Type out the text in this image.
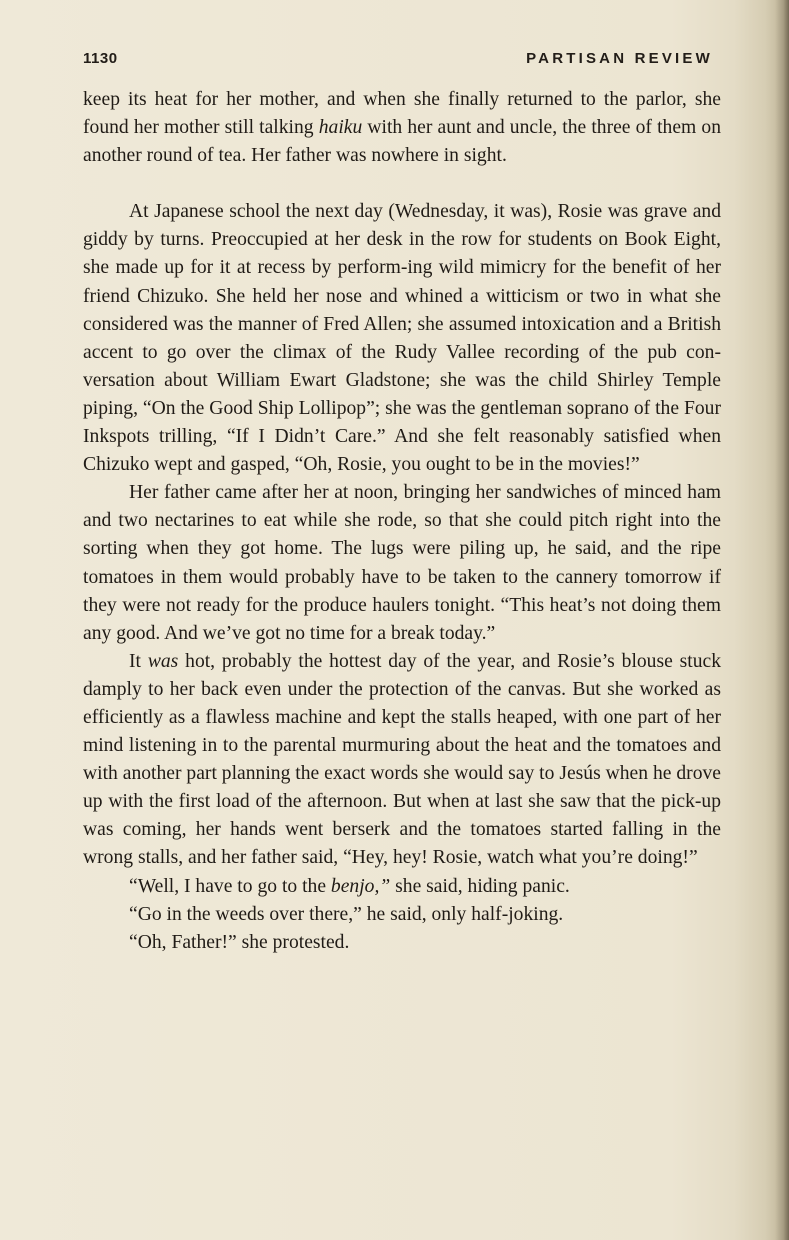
1130	PARTISAN REVIEW

keep its heat for her mother, and when she finally returned to the parlor, she found her mother still talking haiku with her aunt and uncle, the three of them on another round of tea. Her father was nowhere in sight.

At Japanese school the next day (Wednesday, it was), Rosie was grave and giddy by turns. Preoccupied at her desk in the row for students on Book Eight, she made up for it at recess by perform-ing wild mimicry for the benefit of her friend Chizuko. She held her nose and whined a witticism or two in what she considered was the manner of Fred Allen; she assumed intoxication and a British accent to go over the climax of the Rudy Vallee recording of the pub con-versation about William Ewart Gladstone; she was the child Shirley Temple piping, “On the Good Ship Lollipop”; she was the gentleman soprano of the Four Inkspots trilling, “If I Didn’t Care.” And she felt reasonably satisfied when Chizuko wept and gasped, “Oh, Rosie, you ought to be in the movies!”

Her father came after her at noon, bringing her sandwiches of minced ham and two nectarines to eat while she rode, so that she could pitch right into the sorting when they got home. The lugs were piling up, he said, and the ripe tomatoes in them would probably have to be taken to the cannery tomorrow if they were not ready for the produce haulers tonight. “This heat’s not doing them any good. And we’ve got no time for a break today.”

It was hot, probably the hottest day of the year, and Rosie’s blouse stuck damply to her back even under the protection of the canvas. But she worked as efficiently as a flawless machine and kept the stalls heaped, with one part of her mind listening in to the parental murmuring about the heat and the tomatoes and with another part planning the exact words she would say to Jesús when he drove up with the first load of the afternoon. But when at last she saw that the pick-up was coming, her hands went berserk and the tomatoes started falling in the wrong stalls, and her father said, “Hey, hey! Rosie, watch what you’re doing!”

“Well, I have to go to the benjo,” she said, hiding panic.

“Go in the weeds over there,” he said, only half-joking.

“Oh, Father!” she protested.
